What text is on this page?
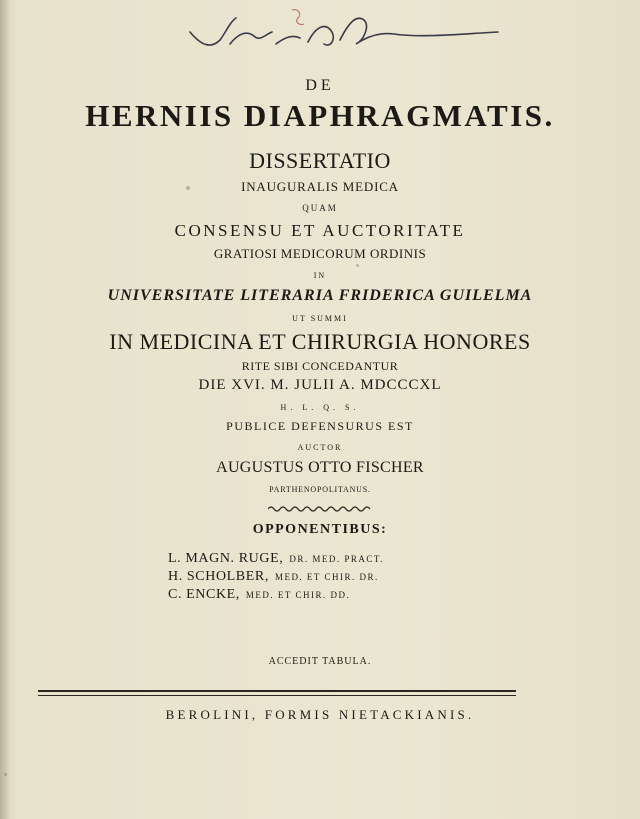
DE
HERNIIS DIAPHRAGMATIS.
DISSERTATIO
INAUGURALIS MEDICA
QUAM
CONSENSU ET AUCTORITATE
GRATIOSI MEDICORUM ORDINIS
IN
UNIVERSITATE LITERARIA FRIDERICA GUILELMA
UT SUMMI
IN MEDICINA ET CHIRURGIA HONORES
RITE SIBI CONCEDANTUR
DIE XVI. M. JULII A. MDCCCXL
H. L. Q. S.
PUBLICE DEFENSURUS EST
AUCTOR
AUGUSTUS OTTO FISCHER
PARTHENOPOLITANUS.
OPPONENTIBUS:
L. MAGN. RUGE, DR. MED. PRACT.
H. SCHOLBER, MED. ET CHIR. DR.
C. ENCKE, MED. ET CHIR. DD.
ACCEDIT TABULA.
BEROLINI, FORMIS NIETACKIANIS.
